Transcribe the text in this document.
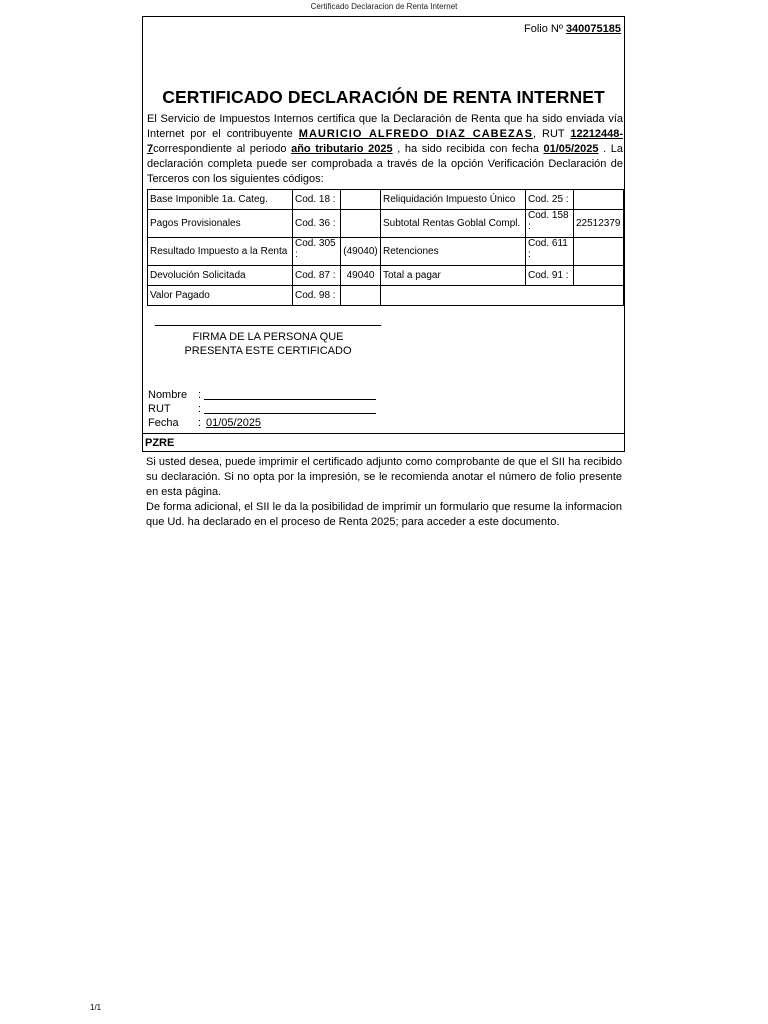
Certificado Declaracion de Renta Internet
Folio Nº 340075185
CERTIFICADO DECLARACIÓN DE RENTA INTERNET
El Servicio de Impuestos Internos certifica que la Declaración de Renta que ha sido enviada vía Internet por el contribuyente MAURICIO ALFREDO DIAZ CABEZAS, RUT 12212448-7correspondiente al periodo año tributario 2025 , ha sido recibida con fecha 01/05/2025 . La declaración completa puede ser comprobada a través de la opción Verificación Declaración de Terceros con los siguientes códigos:
Base Imponible 1a. Categ.	Cod. 18 :		Reliquidación Impuesto Único	Cod. 25 :	
Pagos Provisionales	Cod. 36 :		Subtotal Rentas Goblal Compl.	Cod. 158 :	22512379
Resultado Impuesto a la Renta	Cod. 305 :	(49040)	Retenciones	Cod. 611 :	
Devolución Solicitada	Cod. 87 :	49040	Total a pagar	Cod. 91 :	
Valor Pagado	Cod. 98 :				
FIRMA DE LA PERSONA QUE
PRESENTA ESTE CERTIFICADO
Nombre :
RUT	:
Fecha	: 01/05/2025
PZRE
Si usted desea, puede imprimir el certificado adjunto como comprobante de que el SII ha recibido su declaración. Si no opta por la impresión, se le recomienda anotar el número de folio presente en esta página.
De forma adicional, el SII le da la posibilidad de imprimir un formulario que resume la informacion que Ud. ha declarado en el proceso de Renta 2025; para acceder a este documento.
1/1
